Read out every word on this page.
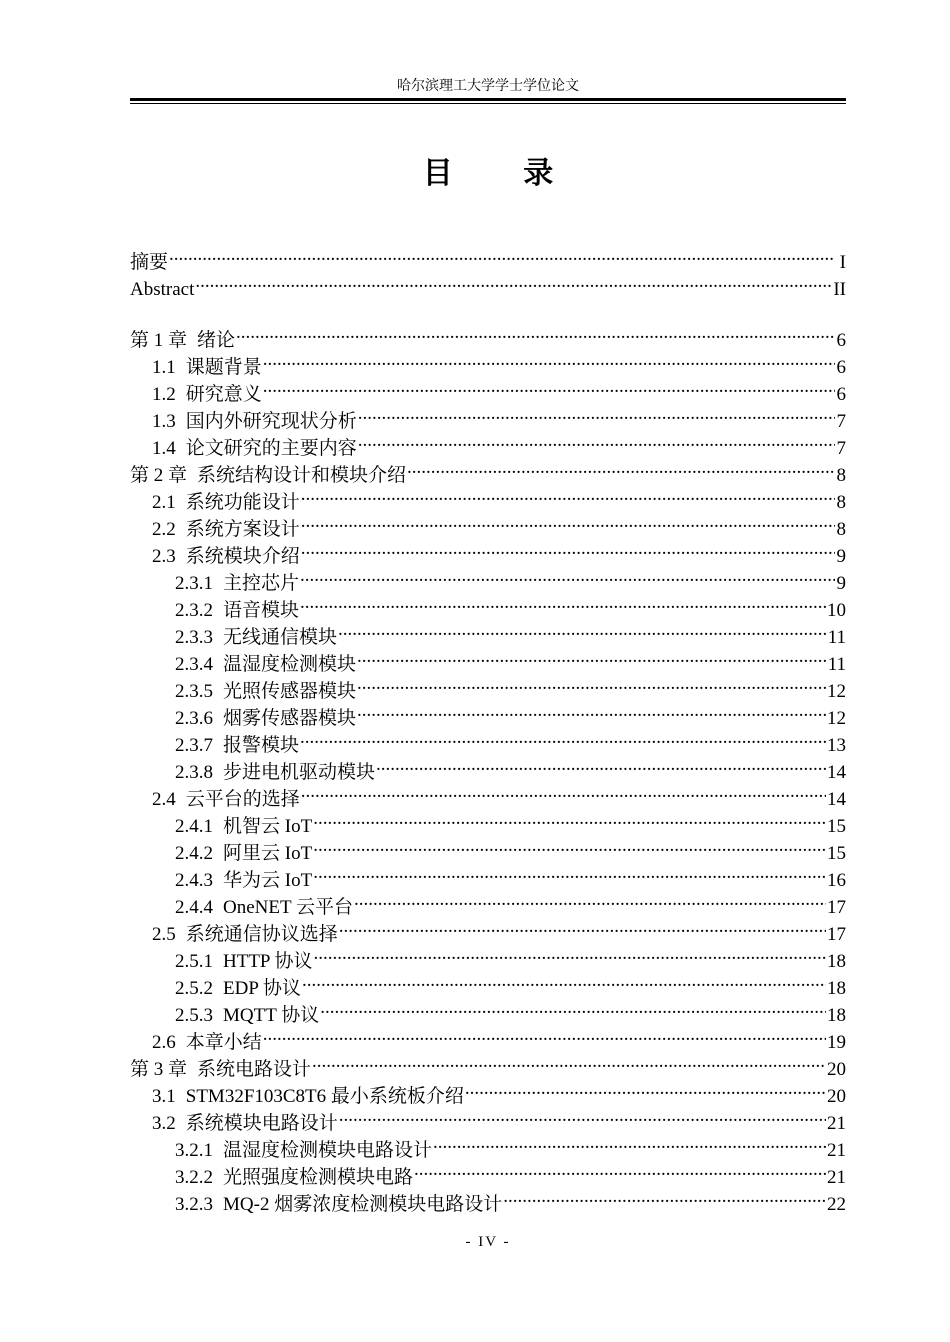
哈尔滨理工大学学士学位论文
目 录
摘要 .....	I
Abstract .....	II
第 1 章 绪论 .....	6
1.1 课题背景 .....	6
1.2 研究意义 .....	6
1.3 国内外研究现状分析 .....	7
1.4 论文研究的主要内容 .....	7
第 2 章 系统结构设计和模块介绍 .....	8
2.1 系统功能设计 .....	8
2.2 系统方案设计 .....	8
2.3 系统模块介绍 .....	9
2.3.1 主控芯片 .....	9
2.3.2 语音模块 .....	10
2.3.3 无线通信模块 .....	11
2.3.4 温湿度检测模块 .....	11
2.3.5 光照传感器模块 .....	12
2.3.6 烟雾传感器模块 .....	12
2.3.7 报警模块 .....	13
2.3.8 步进电机驱动模块 .....	14
2.4 云平台的选择 .....	14
2.4.1 机智云 IoT .....	15
2.4.2 阿里云 IoT .....	15
2.4.3 华为云 IoT .....	16
2.4.4 OneNET 云平台 .....	17
2.5 系统通信协议选择 .....	17
2.5.1 HTTP 协议 .....	18
2.5.2 EDP 协议 .....	18
2.5.3 MQTT 协议 .....	18
2.6 本章小结 .....	19
第 3 章 系统电路设计 .....	20
3.1 STM32F103C8T6 最小系统板介绍 .....	20
3.2 系统模块电路设计 .....	21
3.2.1 温湿度检测模块电路设计 .....	21
3.2.2 光照强度检测模块电路 .....	21
3.2.3 MQ-2 烟雾浓度检测模块电路设计 .....	22
- IV -
